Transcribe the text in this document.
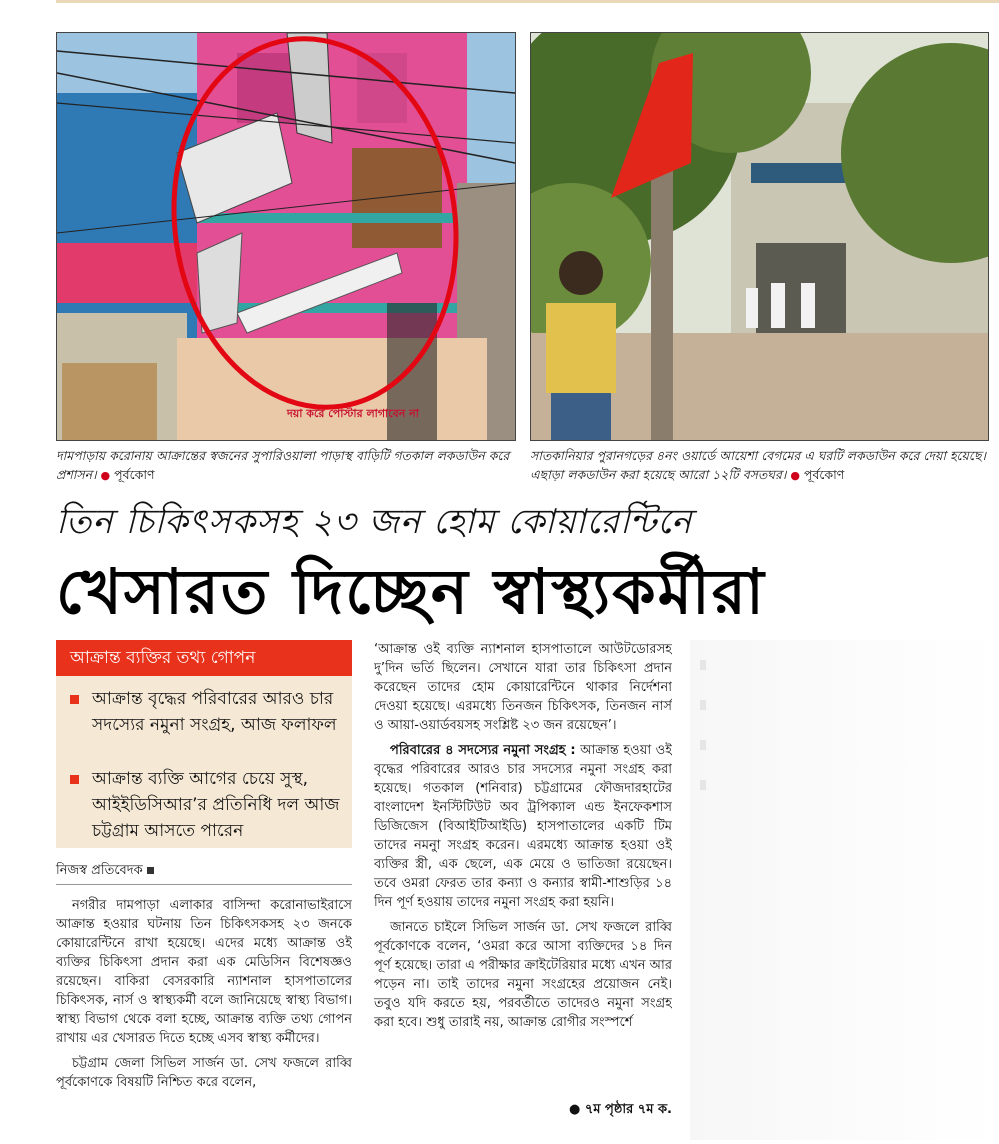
দয়া করে পোস্টার লাগাবেন না
দামপাড়ায় করোনায় আক্রান্তের স্বজনের সুপারিওয়ালা পাড়াস্থ বাড়িটি গতকাল লকডাউন করে প্রশাসন। ● পূর্বকোণ
সাতকানিয়ার পুরানগড়ের ৪নং ওয়ার্ডে আয়েশা বেগমের এ ঘরটি লকডাউন করে দেয়া হয়েছে। এছাড়া লকডাউন করা হয়েছে আরো ১২টি বসতঘর। ● পূর্বকোণ
তিন চিকিৎসকসহ ২৩ জন হোম কোয়ারেন্টিনে
খেসারত দিচ্ছেন স্বাস্থ্যকর্মীরা
আক্রান্ত ব্যক্তির তথ্য গোপন
আক্রান্ত বৃদ্ধের পরিবারের আরও চার সদস্যের নমুনা সংগ্রহ, আজ ফলাফল
আক্রান্ত ব্যক্তি আগের চেয়ে সুস্থ, আইইডিসিআর’র প্রতিনিধি দল আজ চট্টগ্রাম আসতে পারেন
নিজস্ব প্রতিবেদক

নগরীর দামপাড়া এলাকার বাসিন্দা করোনাভাইরাসে আক্রান্ত হওয়ার ঘটনায় তিন চিকিৎসকসহ ২৩ জনকে কোয়ারেন্টিনে রাখা হয়েছে। এদের মধ্যে আক্রান্ত ওই ব্যক্তির চিকিৎসা প্রদান করা এক মেডিসিন বিশেষজ্ঞও রয়েছেন। বাকিরা বেসরকারি ন্যাশনাল হাসপাতালের চিকিৎসক, নার্স ও স্বাস্থ্যকর্মী বলে জানিয়েছে স্বাস্থ্য বিভাগ। স্বাস্থ্য বিভাগ থেকে বলা হচ্ছে, আক্রান্ত ব্যক্তি তথ্য গোপন রাখায় এর খেসারত দিতে হচ্ছে এসব স্বাস্থ্য কর্মীদের।

চট্টগ্রাম জেলা সিভিল সার্জন ডা. সেখ ফজলে রাব্বি পূর্বকোণকে বিষয়টি নিশ্চিত করে বলেন,

‘আক্রান্ত ওই ব্যক্তি ন্যাশনাল হাসপাতালে আউটডোরসহ দু’দিন ভর্তি ছিলেন। সেখানে যারা তার চিকিৎসা প্রদান করেছেন তাদের হোম কোয়ারেন্টিনে থাকার নির্দেশনা দেওয়া হয়েছে। এরমধ্যে তিনজন চিকিৎসক, তিনজন নার্স ও আয়া-ওয়ার্ডবয়সহ সংশ্লিষ্ট ২৩ জন রয়েছেন’।

পরিবারের ৪ সদস্যের নমুনা সংগ্রহ : আক্রান্ত হওয়া ওই বৃদ্ধের পরিবারের আরও চার সদস্যের নমুনা সংগ্রহ করা হয়েছে। গতকাল (শনিবার) চট্টগ্রামের ফৌজদারহাটের বাংলাদেশ ইনস্টিটিউট অব ট্রপিক্যাল এন্ড ইনফেকশাস ডিজিজেস (বিআইটিআইডি) হাসপাতালের একটি টিম তাদের নমনুা সংগ্রহ করেন। এরমধ্যে আক্রান্ত হওয়া ওই ব্যক্তির স্ত্রী, এক ছেলে, এক মেয়ে ও ভাতিজা রয়েছেন। তবে ওমরা ফেরত তার কন্যা ও কন্যার স্বামী-শাশুড়ির ১৪ দিন পূর্ণ হওয়ায় তাদের নমুনা সংগ্রহ করা হয়নি।

জানতে চাইলে সিভিল সার্জন ডা. সেখ ফজলে রাব্বি পূর্বকোণকে বলেন, ‘ওমরা করে আসা ব্যক্তিদের ১৪ দিন পূর্ণ হয়েছে। তারা এ পরীক্ষার ক্রাইটেরিয়ার মধ্যে এখন আর পড়েন না। তাই তাদের নমুনা সংগ্রহের প্রয়োজন নেই। তবুও যদি করতে হয়, পরবর্তীতে তাদেরও নমুনা সংগ্রহ করা হবে। শুধু তারাই নয়, আক্রান্ত রোগীর সংস্পর্শে

● ৭ম পৃষ্ঠার ৭ম ক.
